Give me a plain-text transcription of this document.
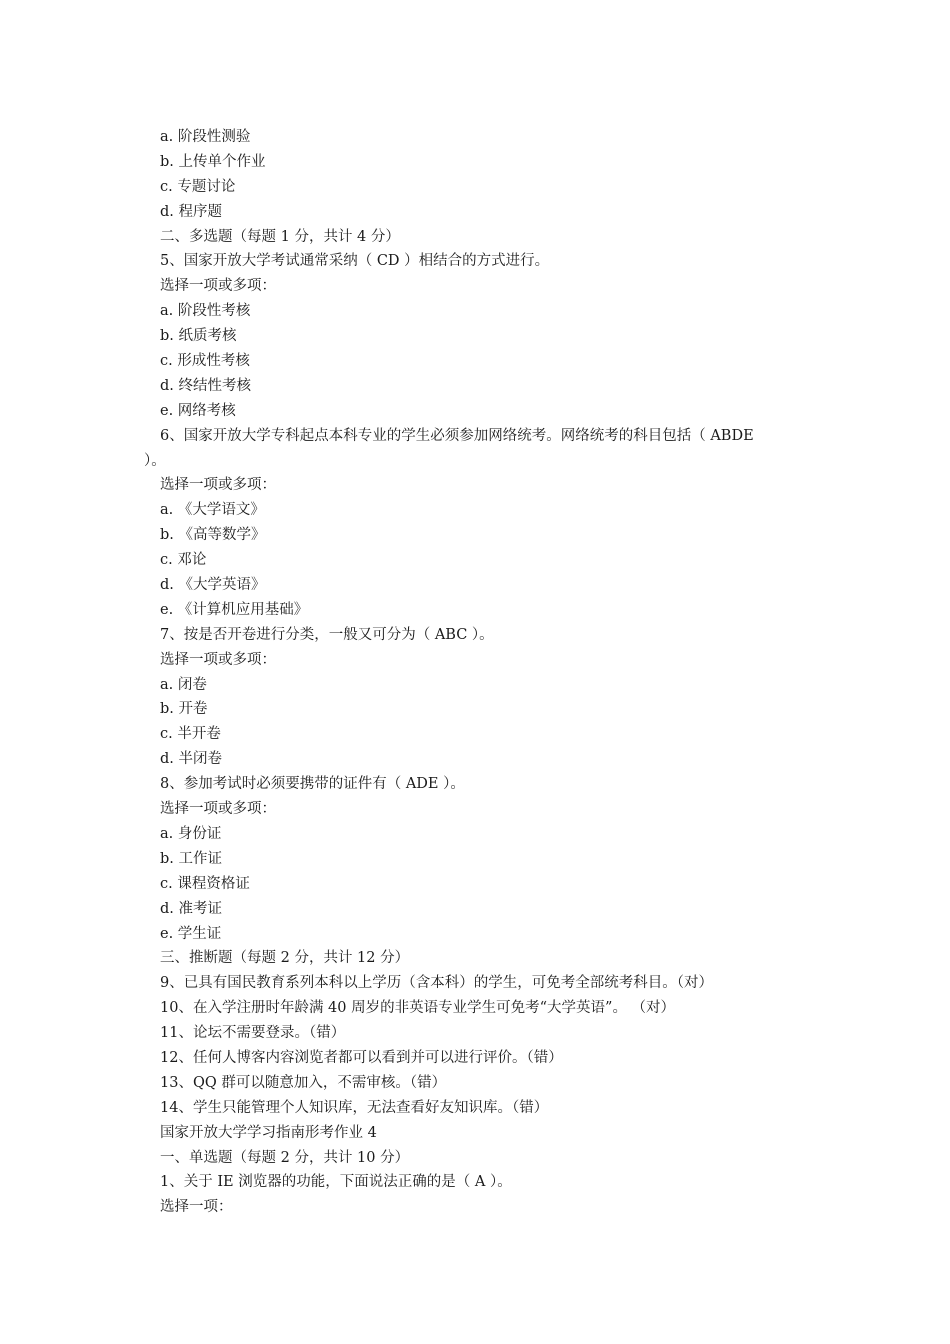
a. 阶段性测验
b. 上传单个作业
c. 专题讨论
d. 程序题
二、多选题（每题 1 分，共计 4 分）
5、国家开放大学考试通常采纳（ CD ）相结合的方式进行。
选择一项或多项：
a. 阶段性考核
b. 纸质考核
c. 形成性考核
d. 终结性考核
e. 网络考核
6、国家开放大学专科起点本科专业的学生必须参加网络统考。网络统考的科目包括（ ABDE
）。
选择一项或多项：
a. 《大学语文》
b. 《高等数学》
c. 邓论
d. 《大学英语》
e. 《计算机应用基础》
7、按是否开卷进行分类，一般又可分为（ ABC ）。
选择一项或多项：
a. 闭卷
b. 开卷
c. 半开卷
d. 半闭卷
8、参加考试时必须要携带的证件有（ ADE ）。
选择一项或多项：
a. 身份证
b. 工作证
c. 课程资格证
d. 准考证
e. 学生证
三、推断题（每题 2 分，共计 12 分）
9、已具有国民教育系列本科以上学历（含本科）的学生，可免考全部统考科目。（对）
10、在入学注册时年龄满 40 周岁的非英语专业学生可免考“大学英语”。 （对）
11、论坛不需要登录。（错）
12、任何人博客内容浏览者都可以看到并可以进行评价。（错）
13、QQ 群可以随意加入，不需审核。（错）
14、学生只能管理个人知识库，无法查看好友知识库。（错）
国家开放大学学习指南形考作业 4
一、单选题（每题 2 分，共计 10 分）
1、关于 IE 浏览器的功能，下面说法正确的是（ A ）。
选择一项：
